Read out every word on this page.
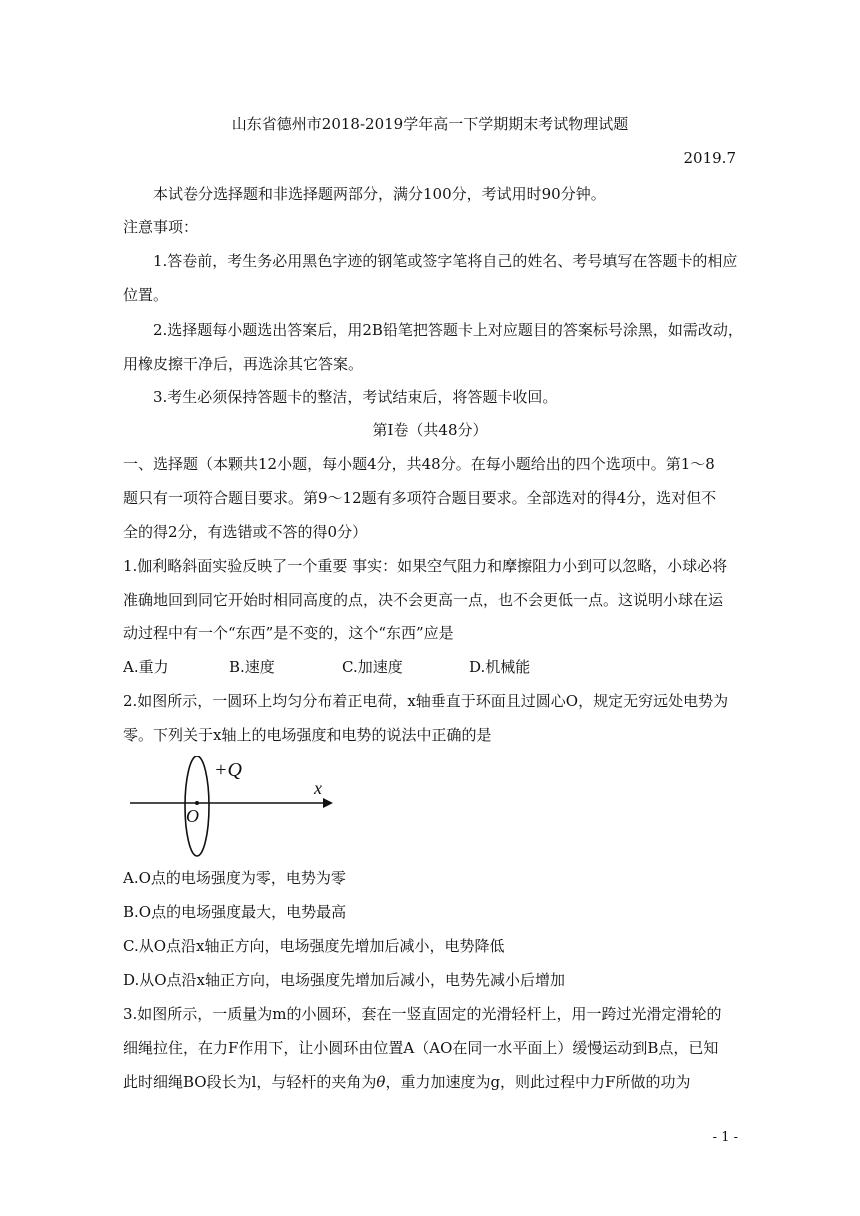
山东省德州市2018-2019学年高一下学期期末考试物理试题
2019.7
本试卷分选择题和非选择题两部分，满分100分，考试用时90分钟。
注意事项：
1.答卷前，考生务必用黑色字迹的钢笔或签字笔将自己的姓名、考号填写在答题卡的相应
位置。
2.选择题每小题选出答案后，用2B铅笔把答题卡上对应题目的答案标号涂黑，如需改动，
用橡皮擦干净后，再选涂其它答案。
3.考生必须保持答题卡的整洁，考试结束后，将答题卡收回。
第Ⅰ卷（共48分）
一、选择题（本颗共12小题，每小题4分，共48分。在每小题给出的四个选项中。第1～8
题只有一项符合题目要求。第9～12题有多项符合题目要求。全部选对的得4分，选对但不
全的得2分，有选错或不答的得0分）
1.伽利略斜面实验反映了一个重要 事实：如果空气阻力和摩擦阻力小到可以忽略，小球必将
准确地回到同它开始时相同高度的点，决不会更高一点，也不会更低一点。这说明小球在运
动过程中有一个“东西”是不变的，这个“东西”应是
A.重力	B.速度	C.加速度	D.机械能
2.如图所示，一圆环上均匀分布着正电荷，x轴垂直于环面且过圆心O，规定无穷远处电势为
零。下列关于x轴上的电场强度和电势的说法中正确的是
+Q
O
x
A.O点的电场强度为零，电势为零
B.O点的电场强度最大，电势最高
C.从O点沿x轴正方向，电场强度先增加后减小，电势降低
D.从O点沿x轴正方向，电场强度先增加后减小，电势先减小后增加
3.如图所示，一质量为m的小圆环，套在一竖直固定的光滑轻杆上，用一跨过光滑定滑轮的
细绳拉住，在力F作用下，让小圆环由位置A（AO在同一水平面上）缓慢运动到B点，已知
此时细绳BO段长为l，与轻杆的夹角为θ，重力加速度为g，则此过程中力F所做的功为
- 1 -
